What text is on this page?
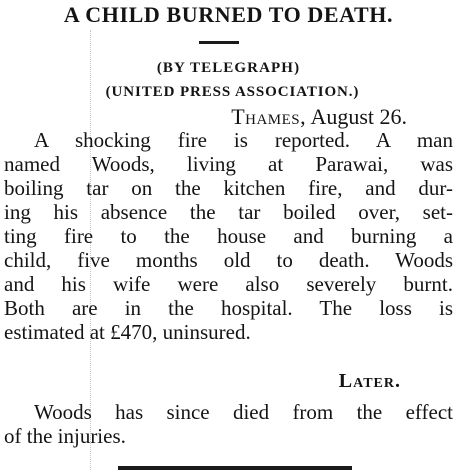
A CHILD BURNED TO DEATH.
(BY TELEGRAPH)
(UNITED PRESS ASSOCIATION.)
Thames, August 26.
A shocking fire is reported. A man
named Woods, living at Parawai, was
boiling tar on the kitchen fire, and dur-
ing his absence the tar boiled over, set-
ting fire to the house and burning a
child, five months old to death. Woods
and his wife were also severely burnt.
Both are in the hospital. The loss is
estimated at £470, uninsured.
Later.
Woods has since died from the effect
of the injuries.
